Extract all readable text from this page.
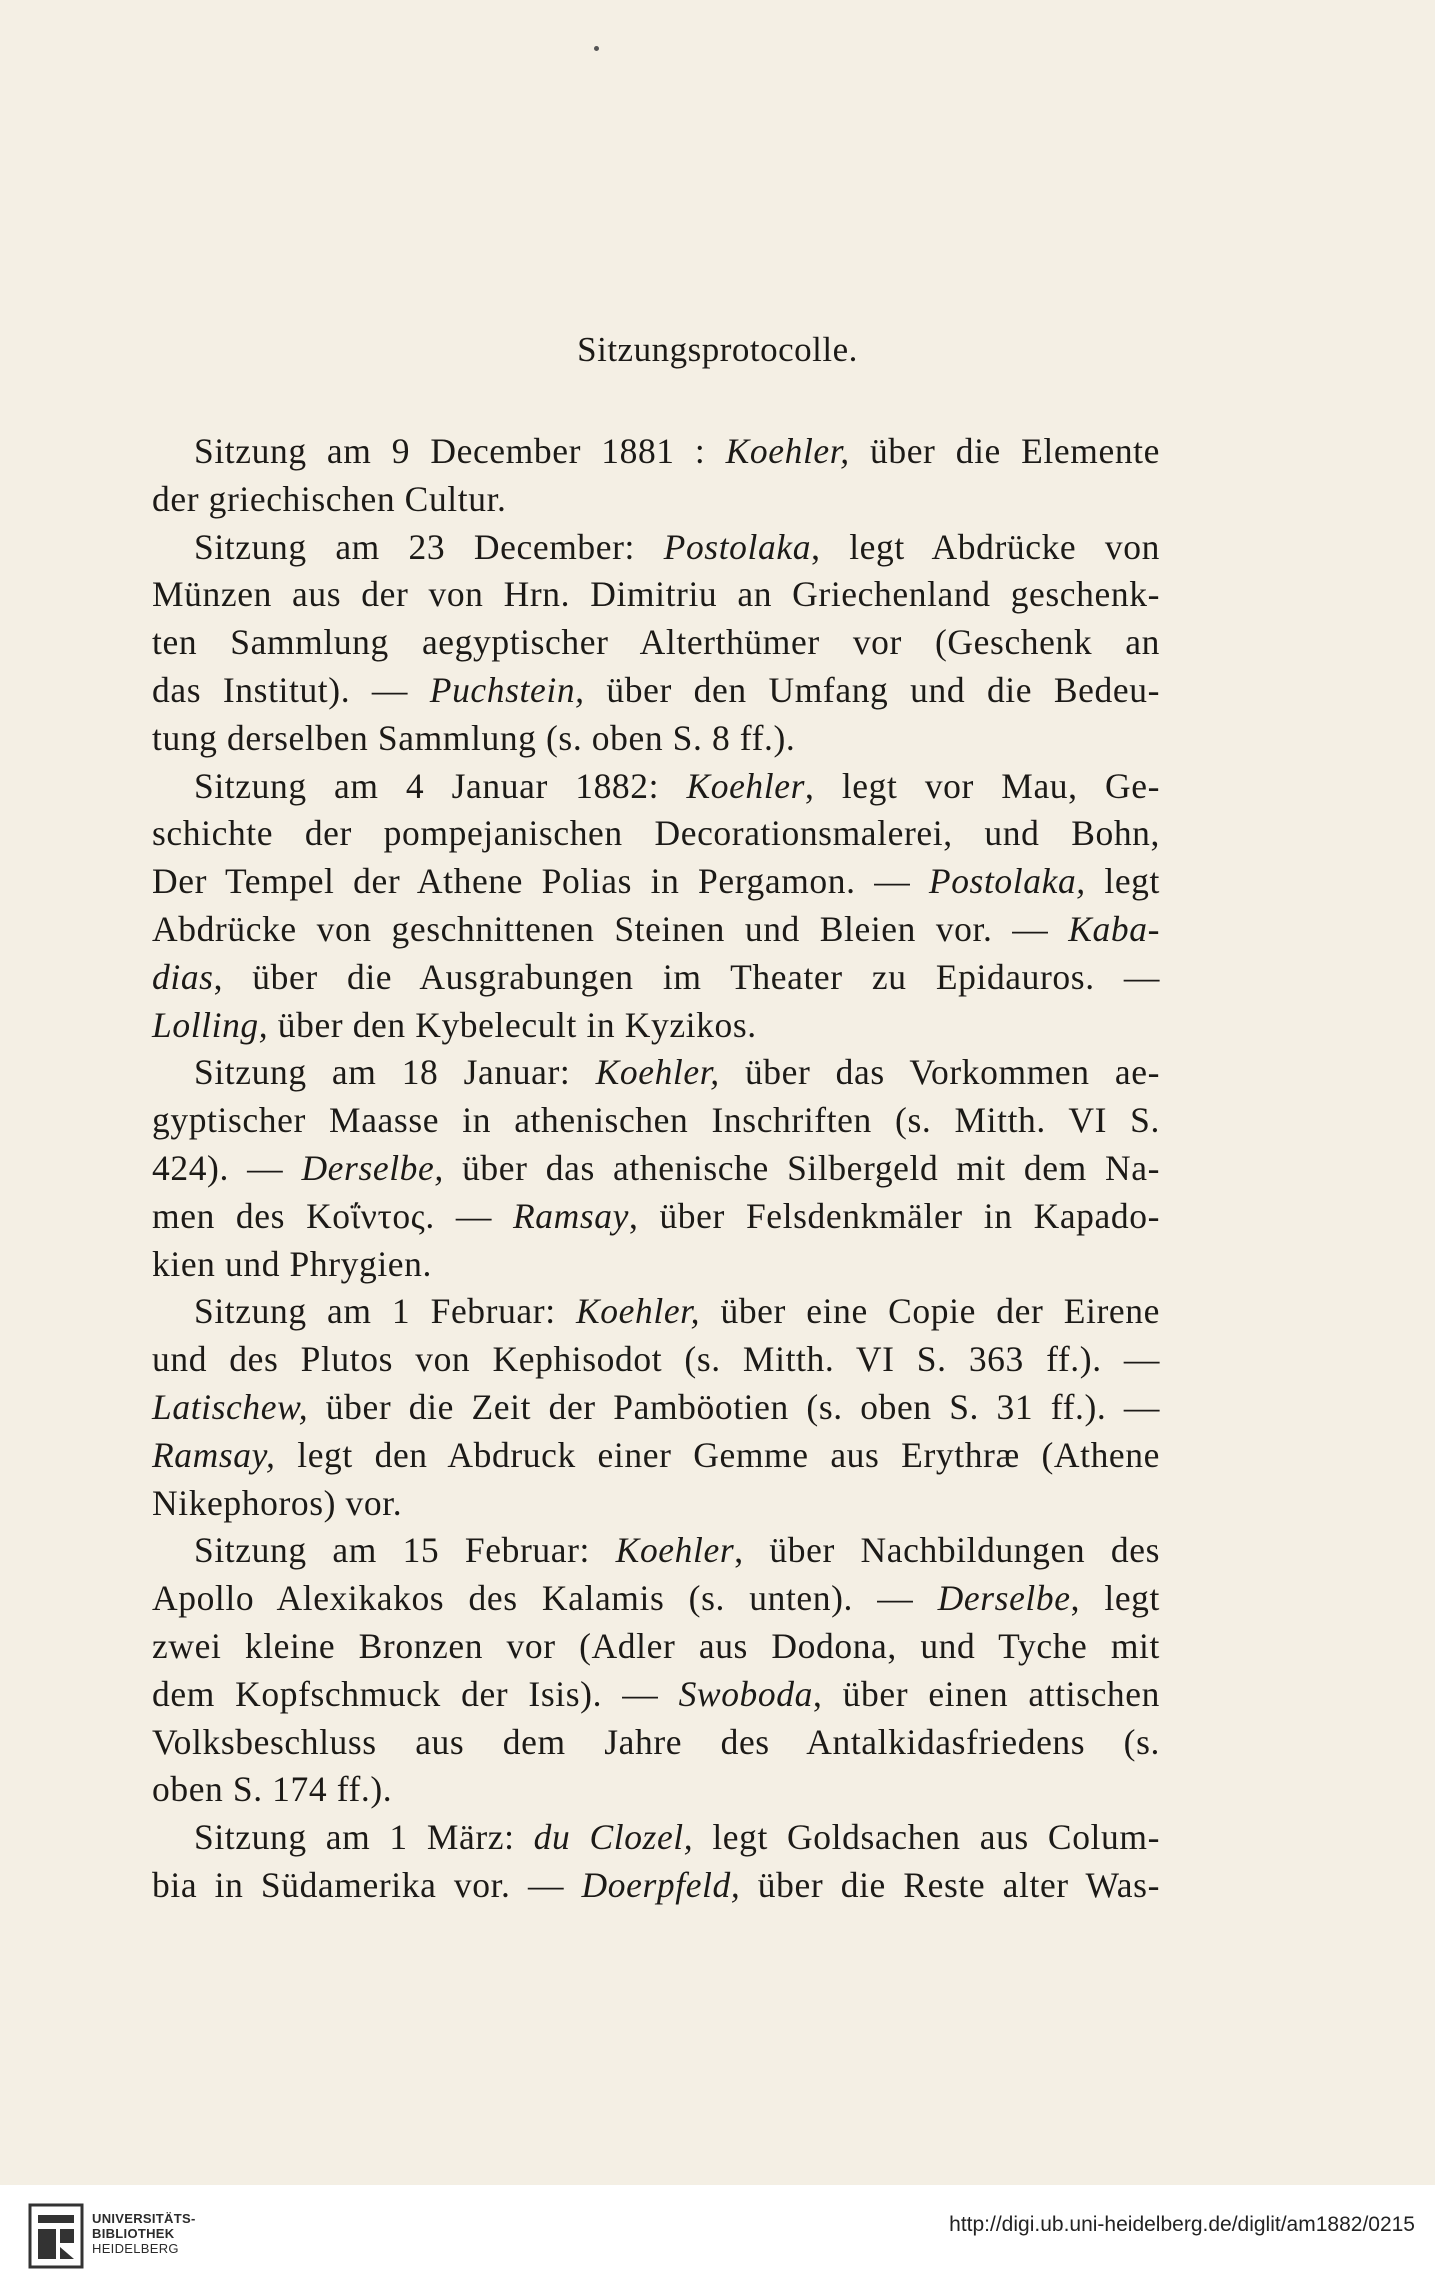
Sitzungsprotocolle.
Sitzung am 9 December 1881 : Koehler, über die Elemente
der griechischen Cultur.
Sitzung am 23 December: Postolaka, legt Abdrücke von
Münzen aus der von Hrn. Dimitriu an Griechenland geschenk-
ten Sammlung aegyptischer Alterthümer vor (Geschenk an
das Institut). — Puchstein, über den Umfang und die Bedeu-
tung derselben Sammlung (s. oben S. 8 ff.).
Sitzung am 4 Januar 1882: Koehler, legt vor Mau, Ge-
schichte der pompejanischen Decorationsmalerei, und Bohn,
Der Tempel der Athene Polias in Pergamon. — Postolaka, legt
Abdrücke von geschnittenen Steinen und Bleien vor. — Kaba-
dias, über die Ausgrabungen im Theater zu Epidauros. —
Lolling, über den Kybelecult in Kyzikos.
Sitzung am 18 Januar: Koehler, über das Vorkommen ae-
gyptischer Maasse in athenischen Inschriften (s. Mitth. VI S.
424). — Derselbe, über das athenische Silbergeld mit dem Na-
men des Κοΐντος. — Ramsay, über Felsdenkmäler in Kapado-
kien und Phrygien.
Sitzung am 1 Februar: Koehler, über eine Copie der Eirene
und des Plutos von Kephisodot (s. Mitth. VI S. 363 ff.). —
Latischew, über die Zeit der Pamböotien (s. oben S. 31 ff.). —
Ramsay, legt den Abdruck einer Gemme aus Erythræ (Athene
Nikephoros) vor.
Sitzung am 15 Februar: Koehler, über Nachbildungen des
Apollo Alexikakos des Kalamis (s. unten). — Derselbe, legt
zwei kleine Bronzen vor (Adler aus Dodona, und Tyche mit
dem Kopfschmuck der Isis). — Swoboda, über einen attischen
Volksbeschluss aus dem Jahre des Antalkidasfriedens (s.
oben S. 174 ff.).
Sitzung am 1 März: du Clozel, legt Goldsachen aus Colum-
bia in Südamerika vor. — Doerpfeld, über die Reste alter Was-
UNIVERSITÄTS-
BIBLIOTHEK
HEIDELBERG
http://digi.ub.uni-heidelberg.de/diglit/am1882/0215
